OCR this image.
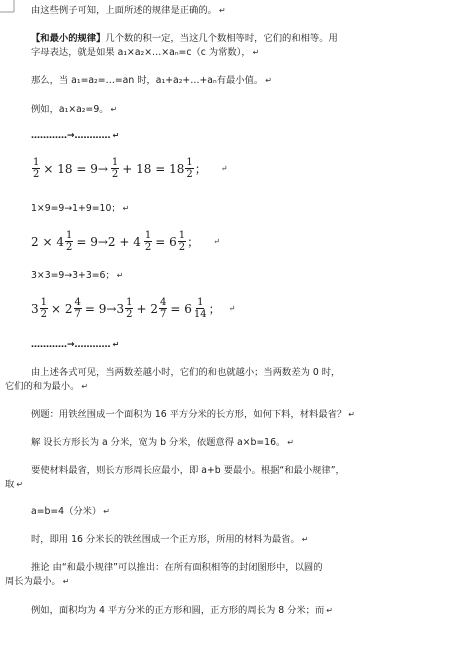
由这些例子可知，上面所述的规律是正确的。 ↵
【和最小的规律】几个数的积一定，当这几个数相等时，它们的和相等。用
字母表达，就是如果 a₁×a₂×…×aₙ=c（c 为常数）， ↵
那么，当 a₁=a₂=…=an 时，a₁+a₂+…+aₙ有最小值。 ↵
例如，a₁×a₂=9。 ↵
…………→………… ↵
$\frac{1}{2} \times 18 = 9\to \frac{1}{2} + 18 = 18 \frac{1}{2}$ ； ↵
1×9=9→1+9=10； ↵
$2 \times 4 \frac{1}{2} = 9\to 2 + 4 \frac{1}{2} = 6 \frac{1}{2}$ ； ↵
3×3=9→3+3=6； ↵
$3 \frac{1}{2} \times 2 \frac{4}{7} = 9\to 3 \frac{1}{2} + 2 \frac{4}{7} = 6 \frac{1}{14}$ ； ↵
…………→………… ↵
由上述各式可见，当两数差越小时，它们的和也就越小；当两数差为 0 时，
它们的和为最小。 ↵
例题：用铁丝围成一个面积为 16 平方分米的长方形，如何下料，材料最省？ ↵
解 设长方形长为 a 分米，宽为 b 分米，依题意得 a×b=16。 ↵
要使材料最省，则长方形周长应最小，即 a+b 要最小。根据“和最小规律”，
取 ↵
a=b=4（分米） ↵
时，即用 16 分米长的铁丝围成一个正方形，所用的材料为最省。 ↵
推论 由“和最小规律”可以推出：在所有面积相等的封闭图形中，以圆的
周长为最小。 ↵
例如，面积均为 4 平方分米的正方形和圆，正方形的周长为 8 分米；而 ↵
